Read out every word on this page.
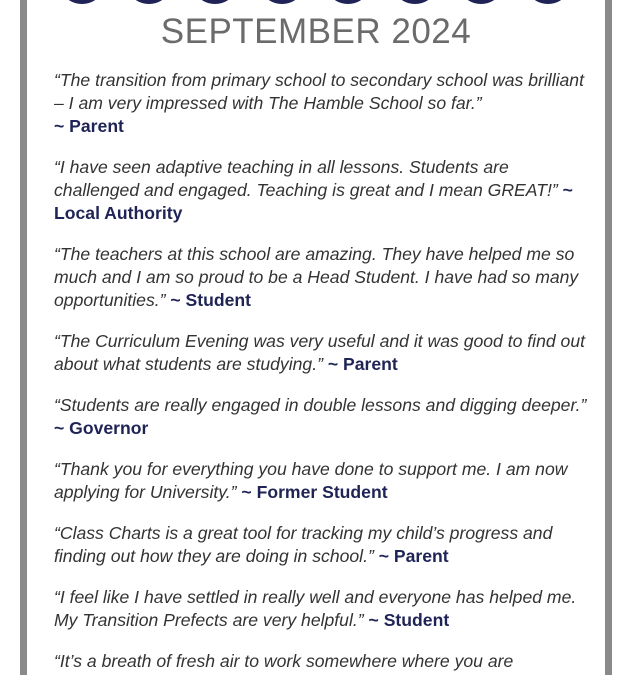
SEPTEMBER 2024

“The transition from primary school to secondary school was brilliant – I am very impressed with The Hamble School so far.”
~ Parent

“I have seen adaptive teaching in all lessons. Students are challenged and engaged. Teaching is great and I mean GREAT!” ~ Local Authority

“The teachers at this school are amazing. They have helped me so much and I am so proud to be a Head Student. I have had so many opportunities.” ~ Student

“The Curriculum Evening was very useful and it was good to find out about what students are studying.” ~ Parent

“Students are really engaged in double lessons and digging deeper.” ~ Governor

“Thank you for everything you have done to support me. I am now applying for University.” ~ Former Student

“Class Charts is a great tool for tracking my child’s progress and finding out how they are doing in school.” ~ Parent

“I feel like I have settled in really well and everyone has helped me. My Transition Prefects are very helpful.” ~ Student

“It’s a breath of fresh air to work somewhere where you are
